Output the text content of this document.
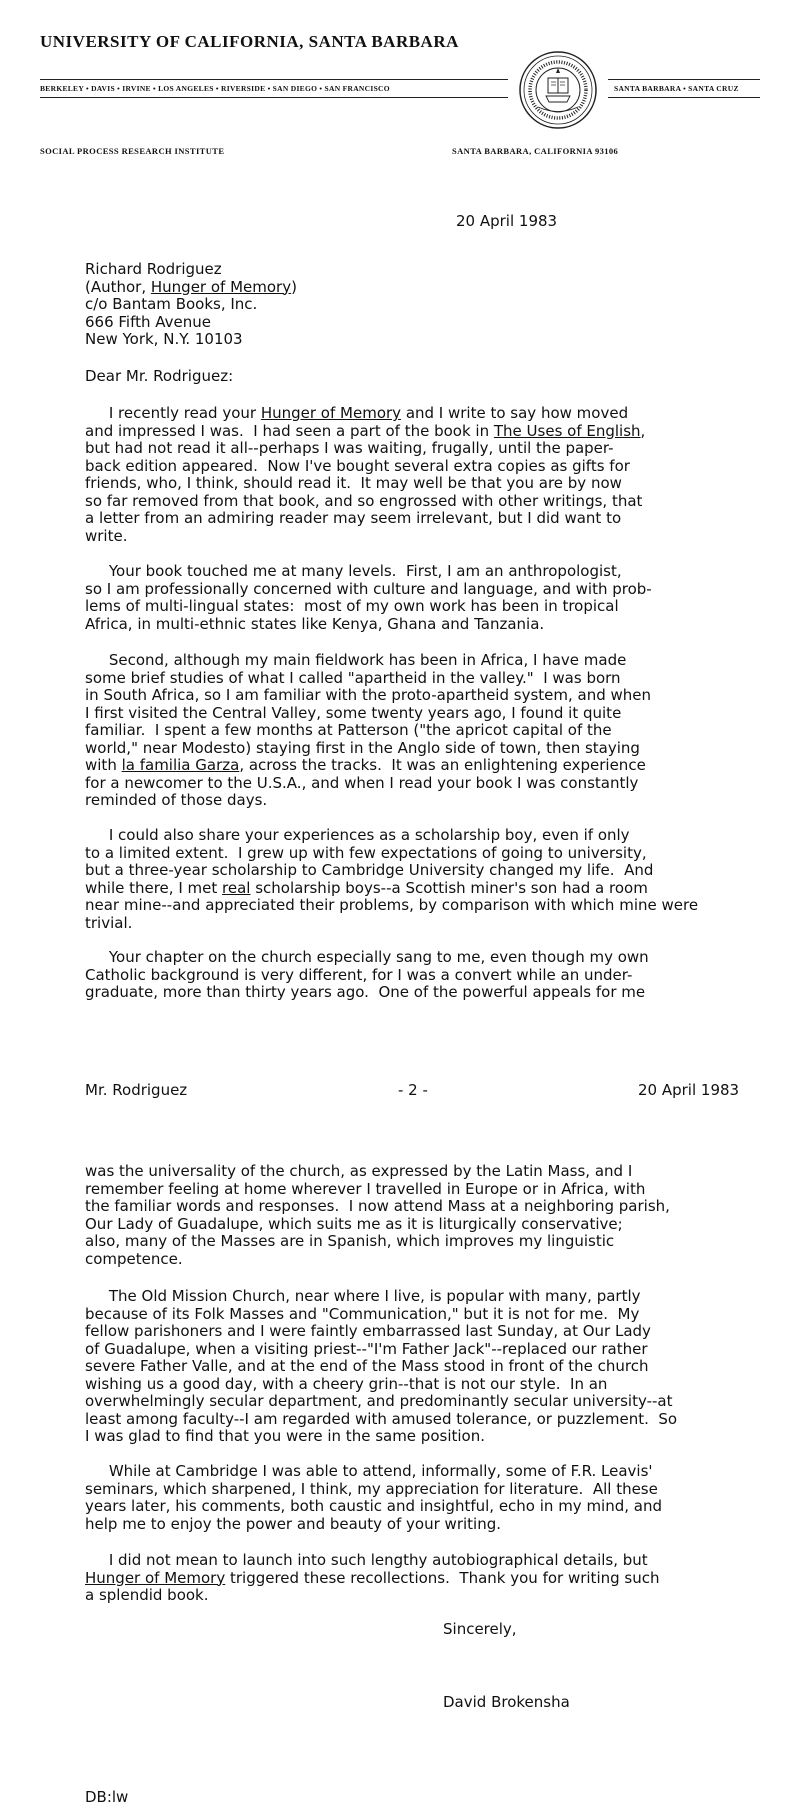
UNIVERSITY OF CALIFORNIA, SANTA BARBARA
BERKELEY • DAVIS • IRVINE • LOS ANGELES • RIVERSIDE • SAN DIEGO • SAN FRANCISCO	SANTA BARBARA • SANTA CRUZ
SOCIAL PROCESS RESEARCH INSTITUTE	SANTA BARBARA, CALIFORNIA 93106
20 April 1983
Richard Rodriguez
(Author, Hunger of Memory)
c/o Bantam Books, Inc.
666 Fifth Avenue
New York, N.Y. 10103
Dear Mr. Rodriguez:
I recently read your Hunger of Memory and I write to say how moved
and impressed I was.  I had seen a part of the book in The Uses of English,
but had not read it all--perhaps I was waiting, frugally, until the paper-
back edition appeared.  Now I've bought several extra copies as gifts for
friends, who, I think, should read it.  It may well be that you are by now
so far removed from that book, and so engrossed with other writings, that
a letter from an admiring reader may seem irrelevant, but I did want to
write.
Your book touched me at many levels.  First, I am an anthropologist,
so I am professionally concerned with culture and language, and with prob-
lems of multi-lingual states:  most of my own work has been in tropical
Africa, in multi-ethnic states like Kenya, Ghana and Tanzania.
Second, although my main fieldwork has been in Africa, I have made
some brief studies of what I called "apartheid in the valley."  I was born
in South Africa, so I am familiar with the proto-apartheid system, and when
I first visited the Central Valley, some twenty years ago, I found it quite
familiar.  I spent a few months at Patterson ("the apricot capital of the
world," near Modesto) staying first in the Anglo side of town, then staying
with la familia Garza, across the tracks.  It was an enlightening experience
for a newcomer to the U.S.A., and when I read your book I was constantly
reminded of those days.
I could also share your experiences as a scholarship boy, even if only
to a limited extent.  I grew up with few expectations of going to university,
but a three-year scholarship to Cambridge University changed my life.  And
while there, I met real scholarship boys--a Scottish miner's son had a room
near mine--and appreciated their problems, by comparison with which mine were
trivial.
Your chapter on the church especially sang to me, even though my own
Catholic background is very different, for I was a convert while an under-
graduate, more than thirty years ago.  One of the powerful appeals for me
Mr. Rodriguez	- 2 -	20 April 1983
was the universality of the church, as expressed by the Latin Mass, and I
remember feeling at home wherever I travelled in Europe or in Africa, with
the familiar words and responses.  I now attend Mass at a neighboring parish,
Our Lady of Guadalupe, which suits me as it is liturgically conservative;
also, many of the Masses are in Spanish, which improves my linguistic
competence.
The Old Mission Church, near where I live, is popular with many, partly
because of its Folk Masses and "Communication," but it is not for me.  My
fellow parishoners and I were faintly embarrassed last Sunday, at Our Lady
of Guadalupe, when a visiting priest--"I'm Father Jack"--replaced our rather
severe Father Valle, and at the end of the Mass stood in front of the church
wishing us a good day, with a cheery grin--that is not our style.  In an
overwhelmingly secular department, and predominantly secular university--at
least among faculty--I am regarded with amused tolerance, or puzzlement.  So
I was glad to find that you were in the same position.
While at Cambridge I was able to attend, informally, some of F.R. Leavis'
seminars, which sharpened, I think, my appreciation for literature.  All these
years later, his comments, both caustic and insightful, echo in my mind, and
help me to enjoy the power and beauty of your writing.
I did not mean to launch into such lengthy autobiographical details, but
Hunger of Memory triggered these recollections.  Thank you for writing such
a splendid book.
Sincerely,
David Brokensha
DB:lw
